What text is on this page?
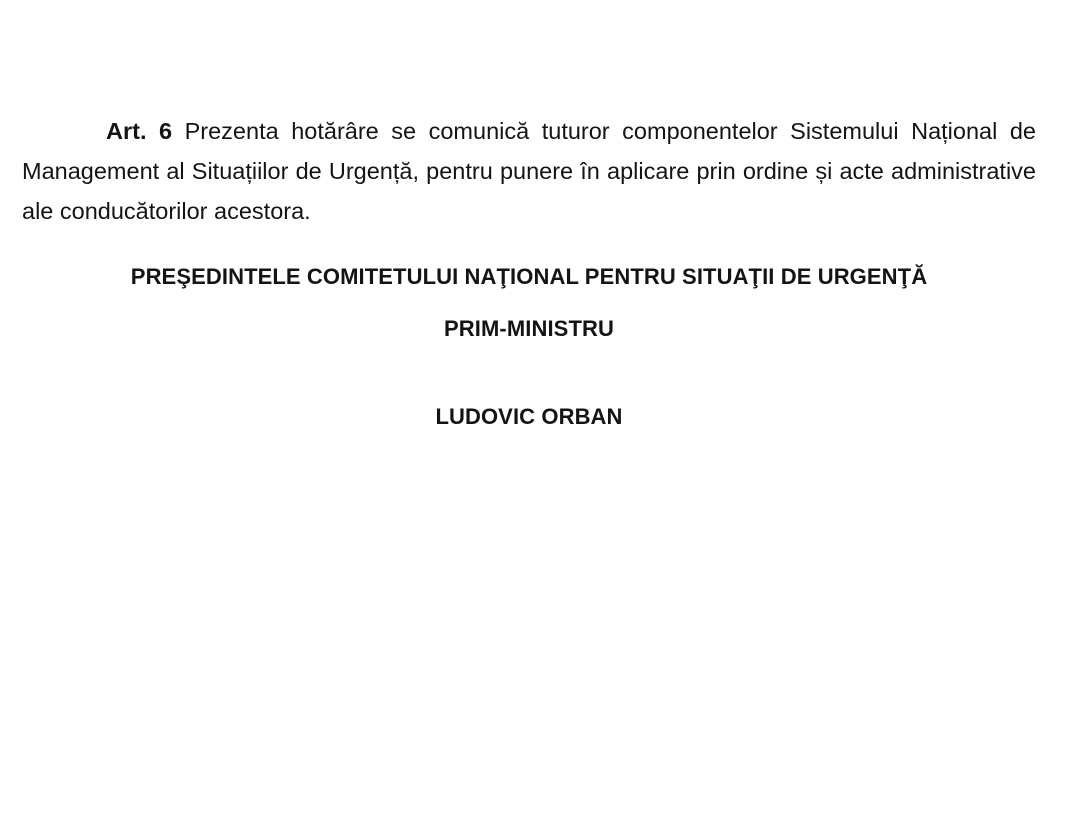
Art. 6 Prezenta hotărâre se comunică tuturor componentelor Sistemului Național de Management al Situațiilor de Urgență, pentru punere în aplicare prin ordine și acte administrative ale conducătorilor acestora.

PREŞEDINTELE COMITETULUI NAŢIONAL PENTRU SITUAŢII DE URGENŢĂ

PRIM-MINISTRU

LUDOVIC ORBAN
